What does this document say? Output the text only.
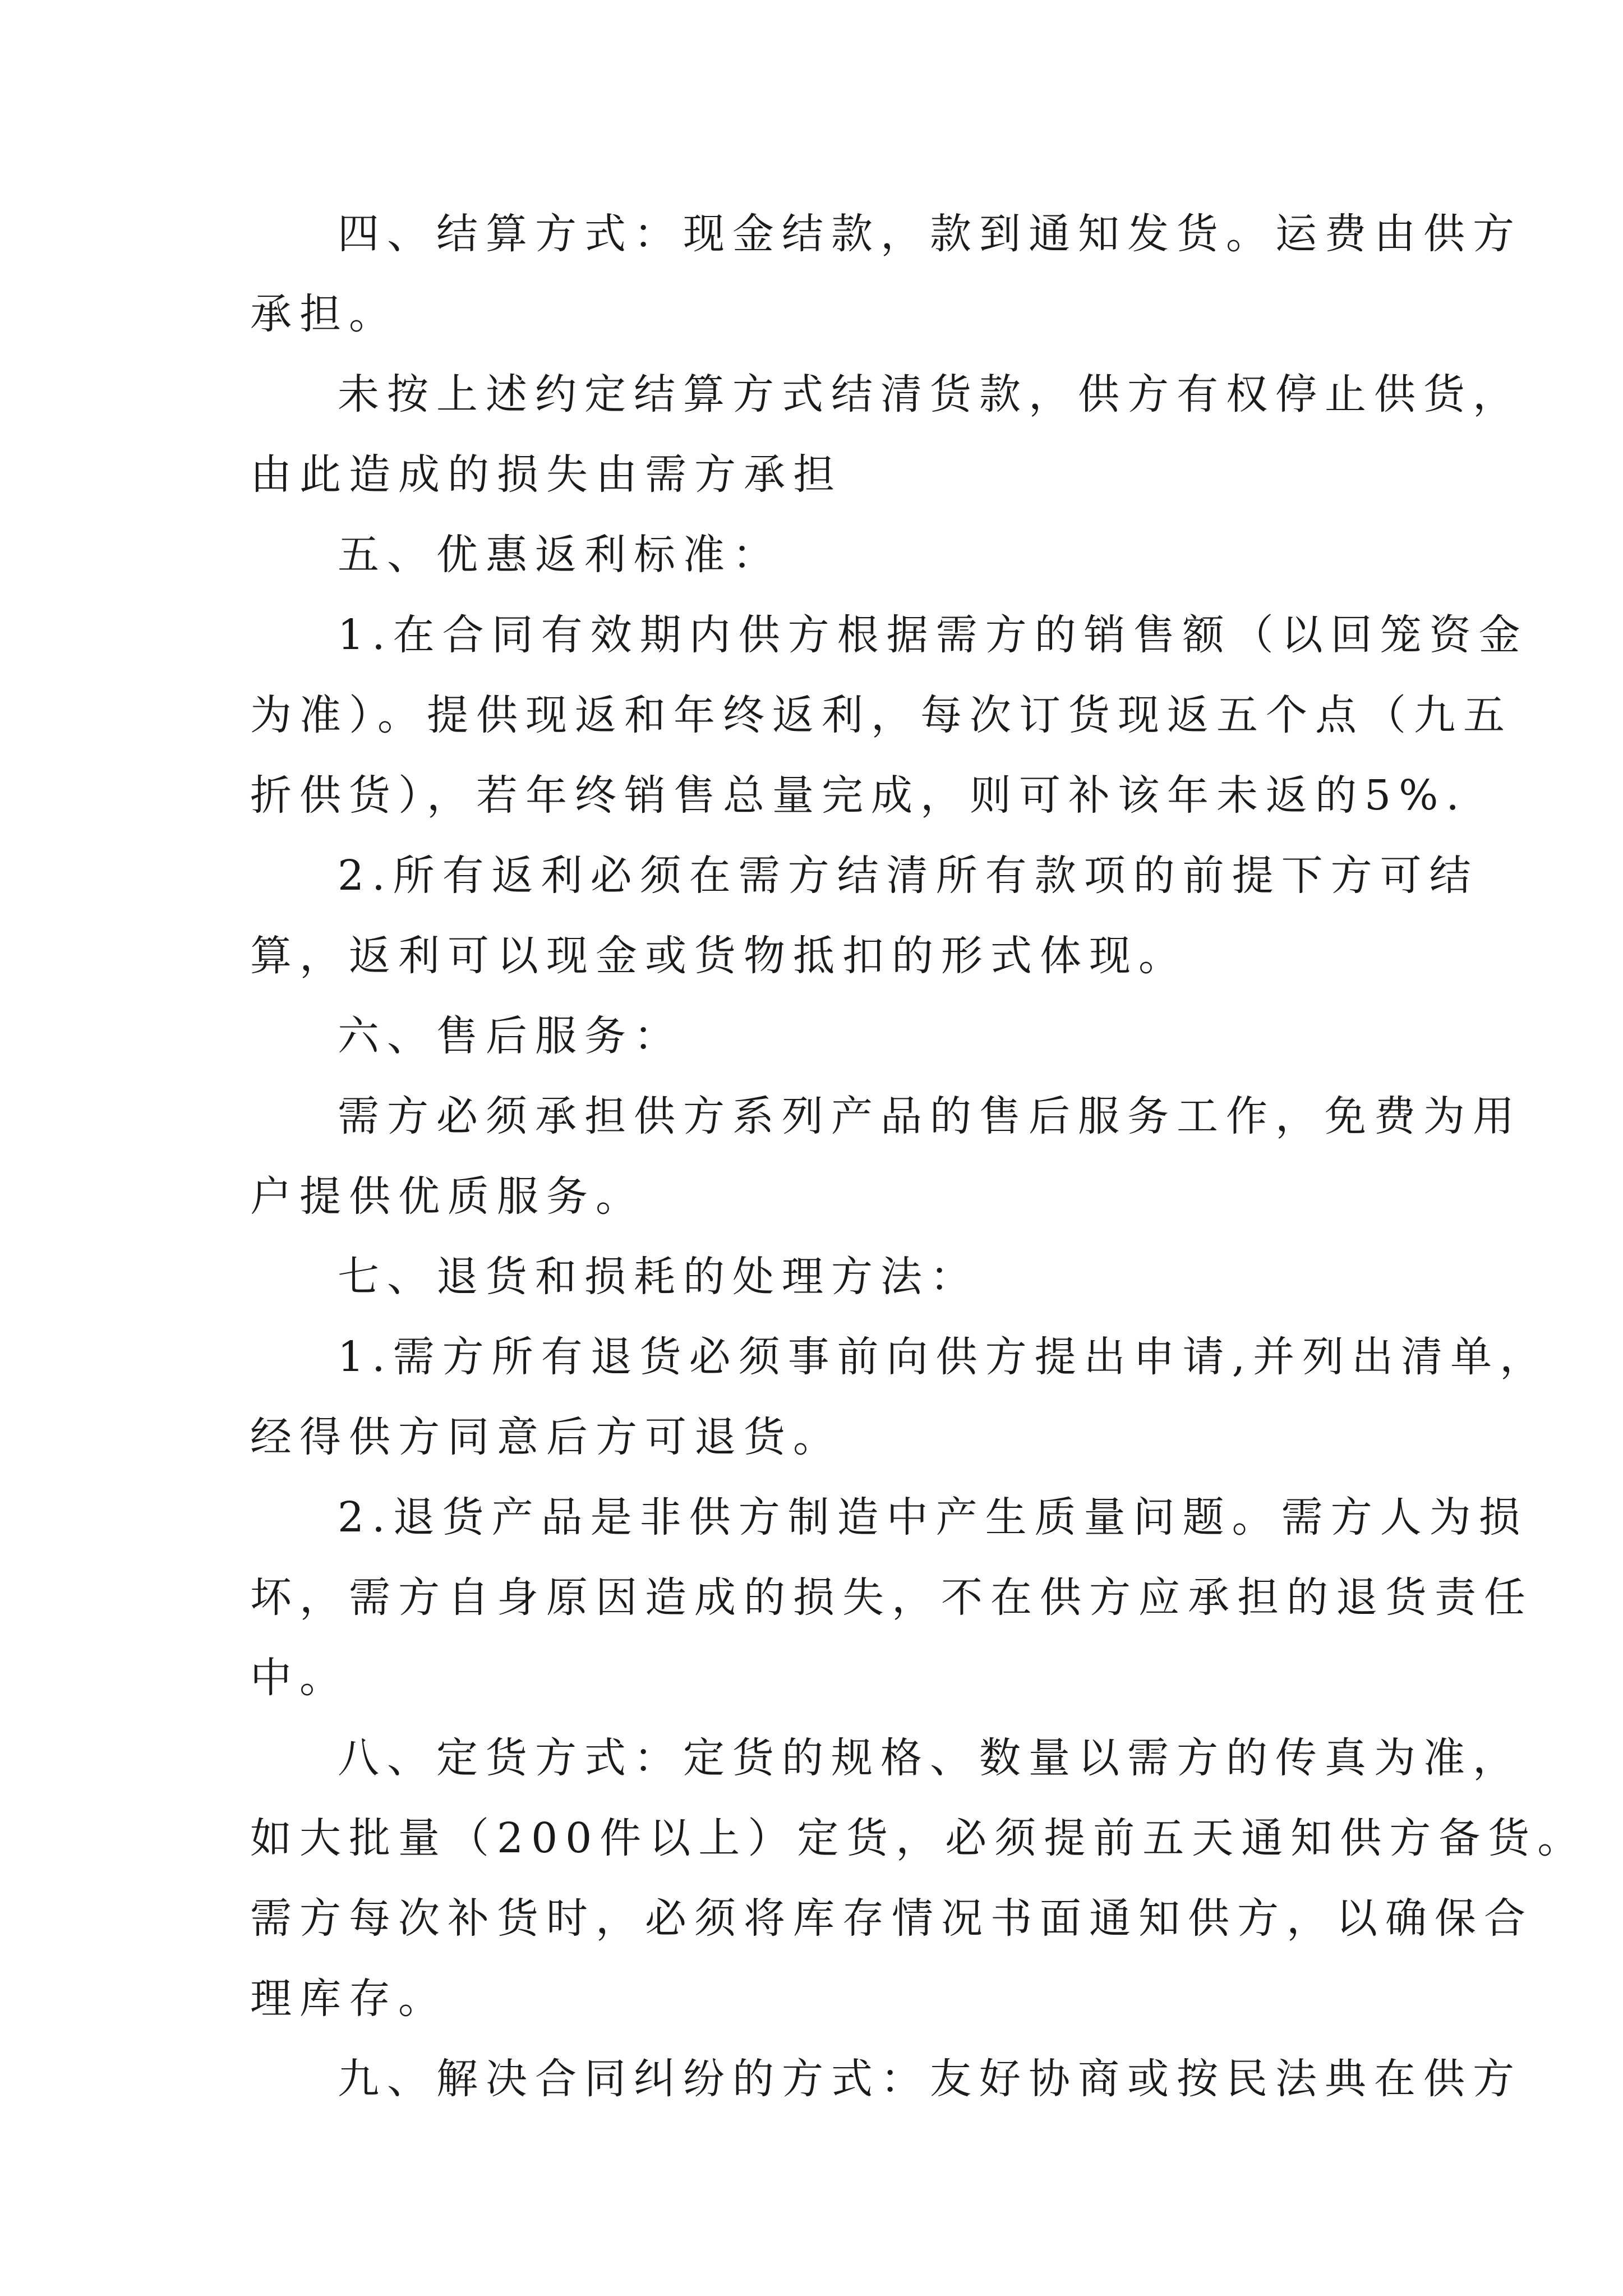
四、结算方式：现金结款，款到通知发货。运费由供方
承担。
未按上述约定结算方式结清货款，供方有权停止供货，
由此造成的损失由需方承担
五、优惠返利标准：
1.在合同有效期内供方根据需方的销售额（以回笼资金
为准）。提供现返和年终返利，每次订货现返五个点（九五
折供货），若年终销售总量完成，则可补该年未返的5%.
2.所有返利必须在需方结清所有款项的前提下方可结
算，返利可以现金或货物抵扣的形式体现。
六、售后服务：
需方必须承担供方系列产品的售后服务工作，免费为用
户提供优质服务。
七、退货和损耗的处理方法：
1.需方所有退货必须事前向供方提出申请,并列出清单，
经得供方同意后方可退货。
2.退货产品是非供方制造中产生质量问题。需方人为损
坏，需方自身原因造成的损失，不在供方应承担的退货责任
中。
八、定货方式：定货的规格、数量以需方的传真为准，
如大批量（200件以上）定货，必须提前五天通知供方备货。
需方每次补货时，必须将库存情况书面通知供方，以确保合
理库存。
九、解决合同纠纷的方式：友好协商或按民法典在供方
